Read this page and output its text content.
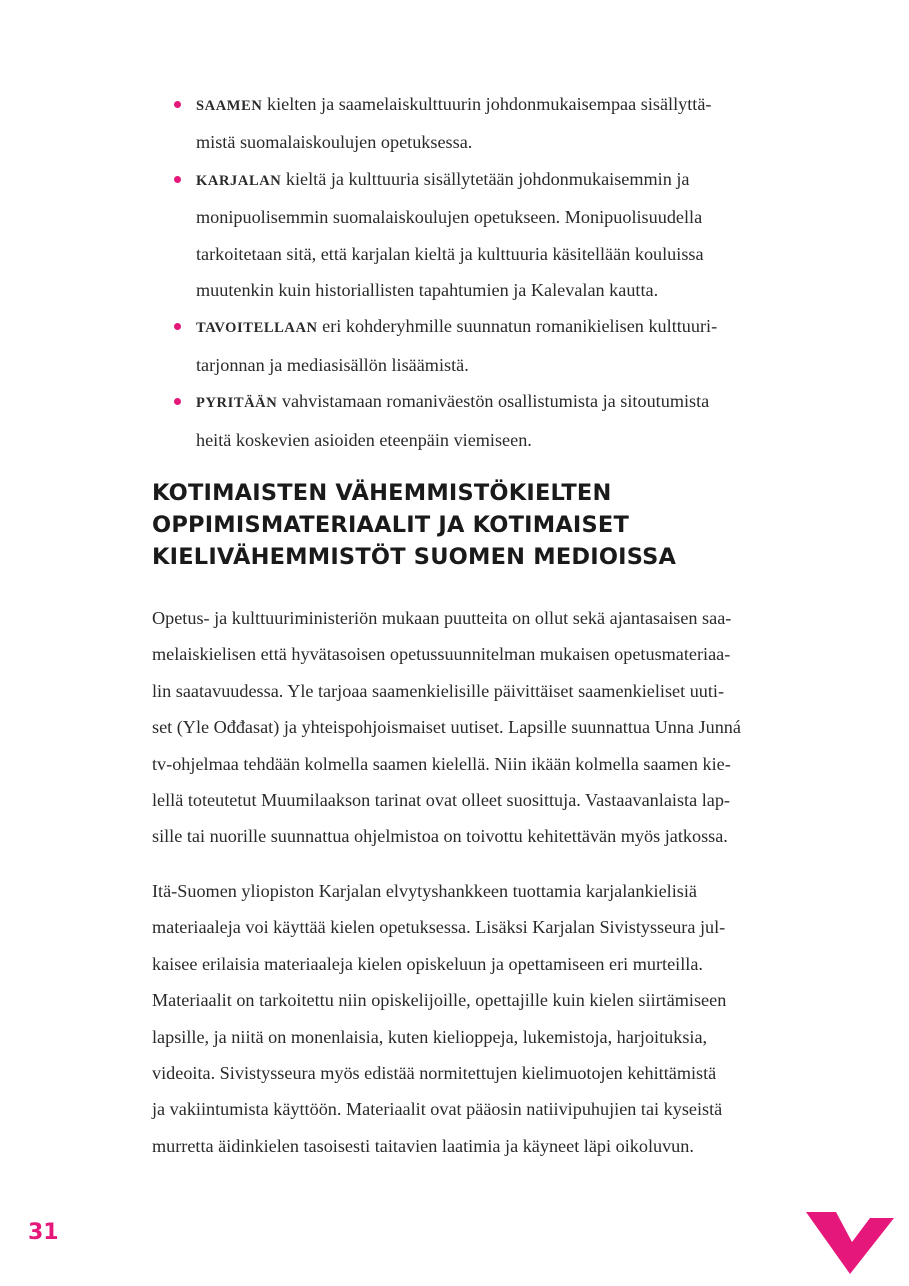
SAAMEN kielten ja saamelaiskulttuurin johdonmukaisempaa sisällyttä-
mistä suomalaiskoulujen opetuksessa.
KARJALAN kieltä ja kulttuuria sisällytetään johdonmukaisemmin ja
monipuolisemmin suomalaiskoulujen opetukseen. Monipuolisuudella
tarkoitetaan sitä, että karjalan kieltä ja kulttuuria käsitellään kouluissa
muutenkin kuin historiallisten tapahtumien ja Kalevalan kautta.
TAVOITELLAAN eri kohderyhmille suunnatun romanikielisen kulttuuri-
tarjonnan ja mediasisällön lisäämistä.
PYRITÄÄN vahvistamaan romaniväestön osallistumista ja sitoutumista
heitä koskevien asioiden eteenpäin viemiseen.
KOTIMAISTEN VÄHEMMISTÖKIELTEN
OPPIMISMATERIAALIT JA KOTIMAISET
KIELIVÄHEMMISTÖT SUOMEN MEDIOISSA

Opetus- ja kulttuuriministeriön mukaan puutteita on ollut sekä ajantasaisen saa-
melaiskielisen että hyvätasoisen opetussuunnitelman mukaisen opetusmateriaa-
lin saatavuudessa. Yle tarjoaa saamenkielisille päivittäiset saamenkieliset uuti-
set (Yle Ođđasat) ja yhteispohjoismaiset uutiset. Lapsille suunnattua Unna Junná
tv-ohjelmaa tehdään kolmella saamen kielellä. Niin ikään kolmella saamen kie-
lellä toteutetut Muumilaakson tarinat ovat olleet suosittuja. Vastaavanlaista lap-
sille tai nuorille suunnattua ohjelmistoa on toivottu kehitettävän myös jatkossa.

Itä-Suomen yliopiston Karjalan elvytyshankkeen tuottamia karjalankielisiä
materiaaleja voi käyttää kielen opetuksessa. Lisäksi Karjalan Sivistysseura jul-
kaisee erilaisia materiaaleja kielen opiskeluun ja opettamiseen eri murteilla.
Materiaalit on tarkoitettu niin opiskelijoille, opettajille kuin kielen siirtämiseen
lapsille, ja niitä on monenlaisia, kuten kielioppeja, lukemistoja, harjoituksia,
videoita. Sivistysseura myös edistää normitettujen kielimuotojen kehittämistä
ja vakiintumista käyttöön. Materiaalit ovat pääosin natiivipuhujien tai kyseistä
murretta äidinkielen tasoisesti taitavien laatimia ja käyneet läpi oikoluvun.

31
